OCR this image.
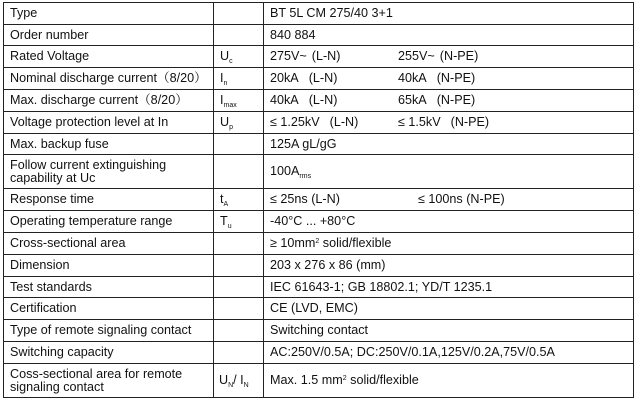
Type		BT 5L CM 275/40 3+1
Order number		840 884
Rated Voltage	$U_c$	275V~ (L-N) 255V~ (N-PE)
Nominal discharge current（8/20）	$I_n$	20kA (L-N) 40kA (N-PE)
Max. discharge current（8/20）	$I_{max}$	40kA (L-N) 65kA (N-PE)
Voltage protection level at In	$U_p$	≤ 1.25kV (L-N) ≤ 1.5kV (N-PE)
Max. backup fuse		125A gL/gG
Follow current extinguishing capability at Uc		$100A_{rms}$
Response time	$t_A$	≤ 25ns (L-N) ≤ 100ns (N-PE)
Operating temperature range	$T_u$	-40°C ... +80°C
Cross-sectional area		≥ $10mm^2$ solid/flexible
Dimension		203 x 276 x 86 (mm)
Test standards		IEC 61643-1; GB 18802.1; YD/T 1235.1
Certification		CE (LVD, EMC)
Type of remote signaling contact		Switching contact
Switching capacity		AC:250V/0.5A; DC:250V/0.1A,125V/0.2A,75V/0.5A
Coss-sectional area for remote signaling contact	$U_N/$ $I_N$	Max. 1.5 $mm^2$ solid/flexible
